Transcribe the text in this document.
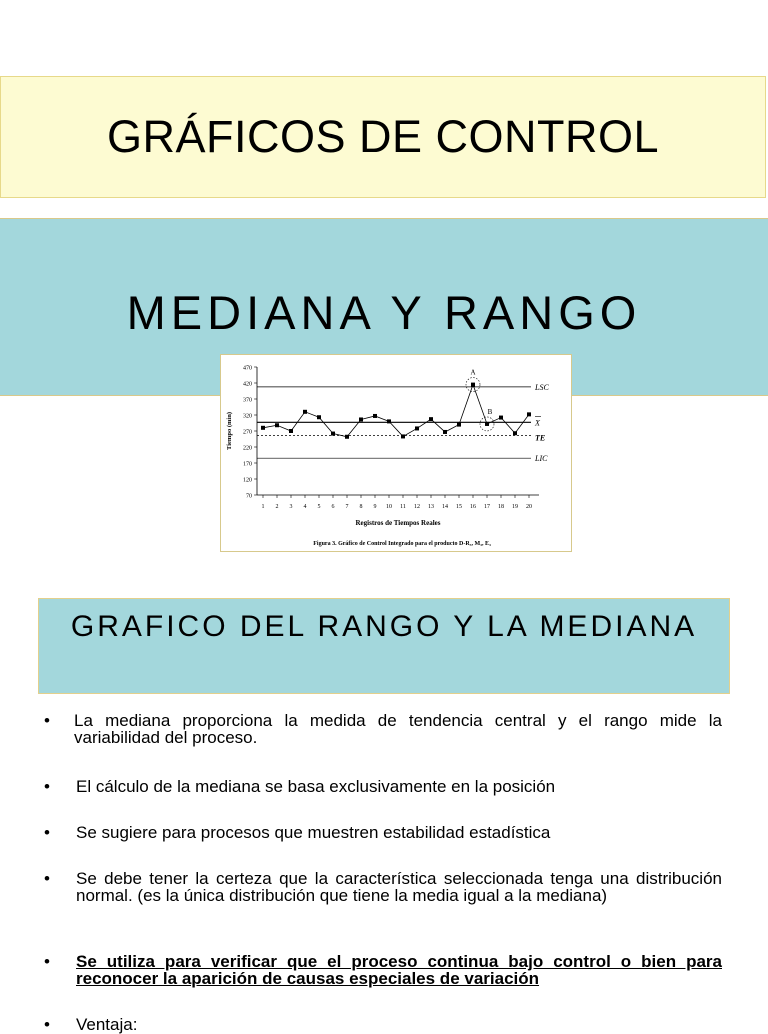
GRÁFICOS DE CONTROL
MEDIANA Y RANGO
70
120
170
220
270
320
370
420
470
1 2 3 4 5 6 7 8 9 10 11 12 13 14 15 16 17 18 19 20
LSC
X
TE
LIC
A
B
Tiempo (min)
Registros de Tiempos Reales
Figura 3. Gráfico de Control Integrado para el producto D-R₃, M₃, E₃
GRAFICO DEL RANGO Y LA MEDIANA
• La mediana proporciona la medida de tendencia central y el rango mide la variabilidad del proceso.
• El cálculo de la mediana se basa exclusivamente en la posición
• Se sugiere para procesos que muestren estabilidad estadística
• Se debe tener la certeza que la característica seleccionada tenga una distribución normal. (es la única distribución que tiene la media igual a la mediana)
• Se utiliza para verificar que el proceso continua bajo control o bien para reconocer la aparición de causas especiales de variación
• Ventaja:
